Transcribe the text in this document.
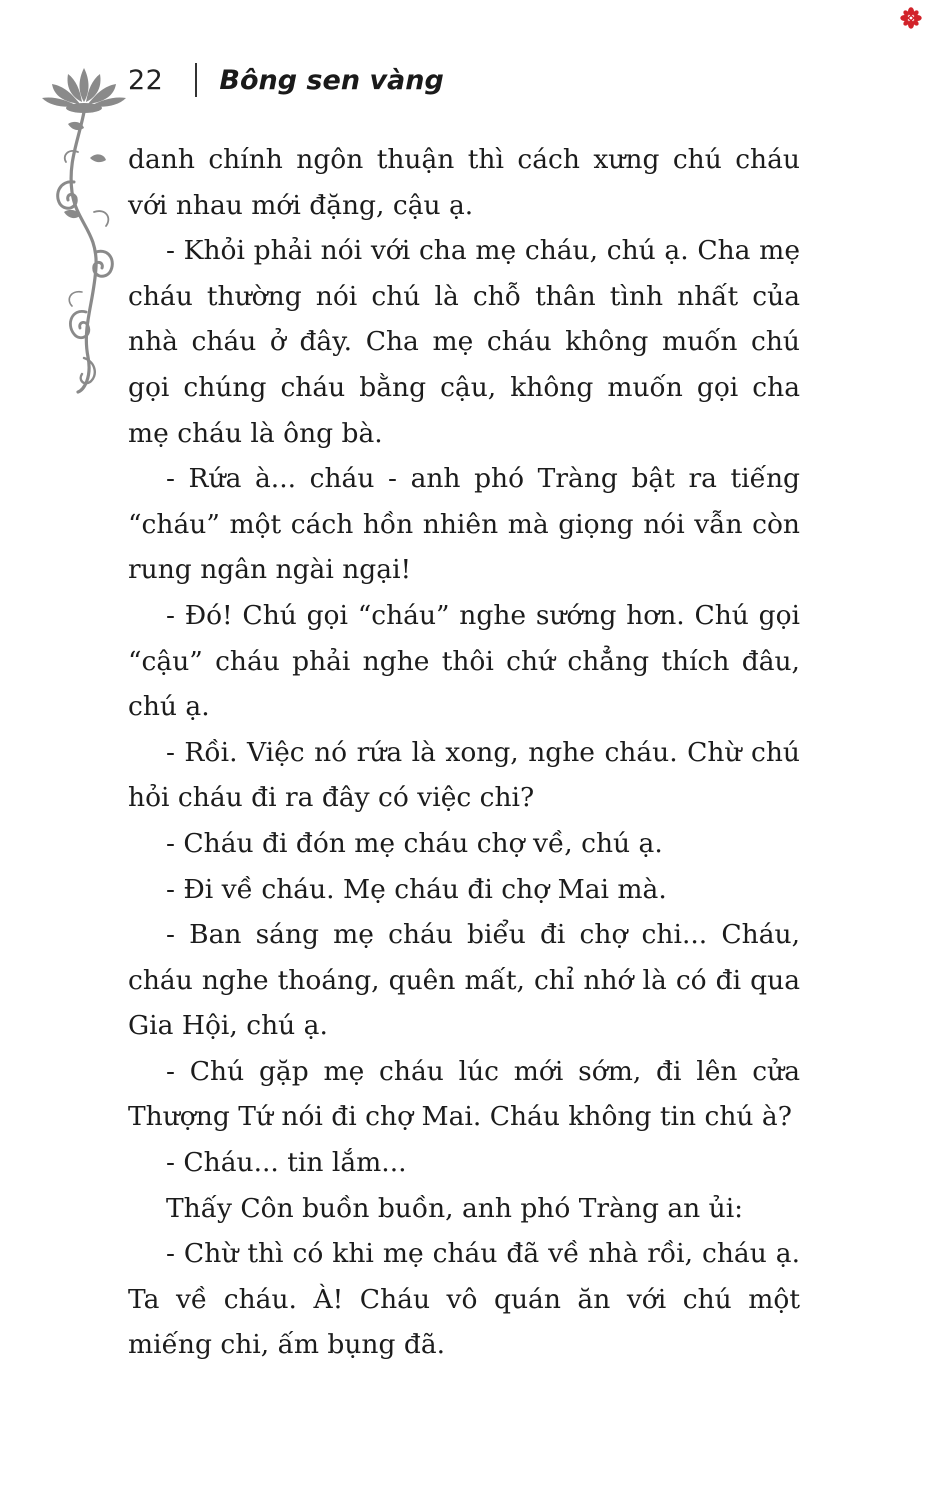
22 Bông sen vàng

danh chính ngôn thuận thì cách xưng chú cháu với nhau mới đặng, cậu ạ.

- Khỏi phải nói với cha mẹ cháu, chú ạ. Cha mẹ cháu thường nói chú là chỗ thân tình nhất của nhà cháu ở đây. Cha mẹ cháu không muốn chú gọi chúng cháu bằng cậu, không muốn gọi cha mẹ cháu là ông bà.

- Rứa à... cháu - anh phó Tràng bật ra tiếng “cháu” một cách hồn nhiên mà giọng nói vẫn còn rung ngân ngài ngại!

- Đó! Chú gọi “cháu” nghe sướng hơn. Chú gọi “cậu” cháu phải nghe thôi chứ chẳng thích đâu, chú ạ.

- Rồi. Việc nó rứa là xong, nghe cháu. Chừ chú hỏi cháu đi ra đây có việc chi?

- Cháu đi đón mẹ cháu chợ về, chú ạ.

- Đi về cháu. Mẹ cháu đi chợ Mai mà.

- Ban sáng mẹ cháu biểu đi chợ chi... Cháu, cháu nghe thoáng, quên mất, chỉ nhớ là có đi qua Gia Hội, chú ạ.

- Chú gặp mẹ cháu lúc mới sớm, đi lên cửa Thượng Tứ nói đi chợ Mai. Cháu không tin chú à?

- Cháu... tin lắm...

Thấy Côn buồn buồn, anh phó Tràng an ủi:

- Chừ thì có khi mẹ cháu đã về nhà rồi, cháu ạ. Ta về cháu. À! Cháu vô quán ăn với chú một miếng chi, ấm bụng đã.
